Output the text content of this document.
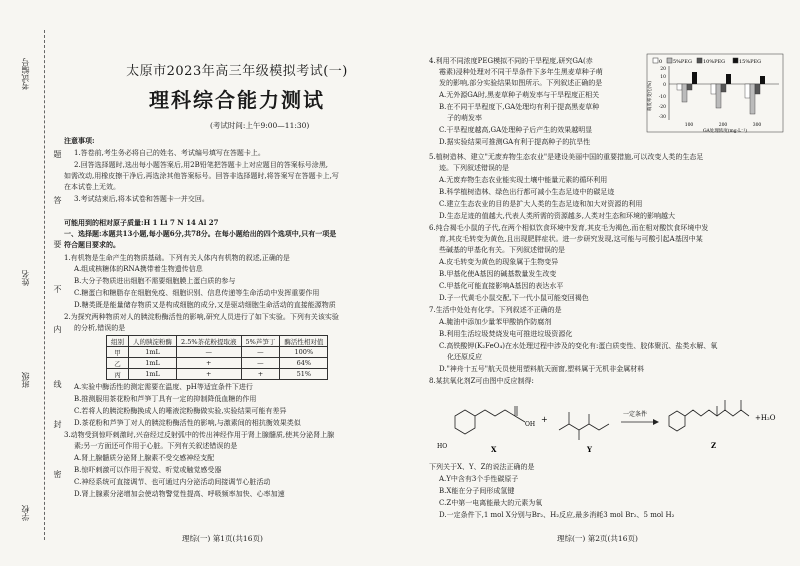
考试编号
姓名
班级
学校
题
答
要
不
内
线
封
密
太原市2023年高三年级模拟考试(一)
理科综合能力测试
(考试时间:上午9:00—11:30)
注意事项:
1.答卷前,考生务必将自己的姓名、考试编号填写在答题卡上。
2.回答选择题时,选出每小题答案后,用2B铅笔把答题卡上对应题目的答案标号涂黑,
如需改动,用橡皮擦干净后,再选涂其他答案标号。回答非选择题时,将答案写在答题卡上,写
在本试卷上无效。
3.考试结束后,将本试卷和答题卡一并交回。
可能用到的相对原子质量:H 1 Li 7 N 14 Al 27
一、选择题:本题共13小题,每小题6分,共78分。在每小题给出的四个选项中,只有一项是
符合题目要求的。
1.有机物是生命产生的物质基础。下列有关人体内有机物的叙述,正确的是
A.组成核糖体的RNA携带着生物遗传信息
B.大分子物质进出细胞不需要细胞膜上蛋白质的参与
C.糖蛋白和糖脂存在细胞免疫、细胞识别、信息传递等生命活动中发挥重要作用
D.糖类既是能量储存物质又是构成细胞的成分,又是驱动细胞生命活动的直接能源物质
2.为探究两种物质对人的胰淀粉酶活性的影响,研究人员进行了如下实验。下列有关该实验
的分析,错误的是
组别	人的胰淀粉酶	2.5%茶花粉提取液	5%芦笋丁	酶活性相对值
甲	1mL	—	—	100%
乙	1mL	+	—	64%
丙	1mL	+	+	51%
A.实验中酶活性的测定需要在温度、pH等适宜条件下进行
B.推测服用茶花粉和芦笋丁具有一定的抑制降低血糖的作用
C.若将人的胰淀粉酶换成人的唾液淀粉酶做实验,实验结果可能有差异
D.茶花粉和芦笋丁对人的胰淀粉酶活性的影响,与激素间的相抗衡效果类似
3.动物受到惊吓刺激时,兴奋经过反射弧中的传出神经作用于肾上腺髓质,使其分泌肾上腺
素;另一方面还可作用于心脏。下列有关叙述错误的是
A.肾上腺髓质分泌肾上腺素不受交感神经支配
B.惊吓刺激可以作用于视觉、听觉或触觉感受器
C.神经系统可直接调节、也可通过内分泌活动间接调节心脏活动
D.肾上腺素分泌增加会使动物警觉性提高、呼吸频率加快、心率加速
理综(一) 第1页(共16页)
4.利用不同浓度PEG模拟不同的干旱程度,研究GA(赤
霉素)浸种处理对不同干旱条件下多年生黑麦草种子萌
发的影响,部分实验结果如图所示。下列叙述正确的是
A.无外源GA时,黑麦草种子萌发率与干旱程度正相关
B.在不同干旱程度下,GA处理均有利于提高黑麦草种
子的萌发率
C.干旱程度越高,GA处理种子后产生的效果越明显
D.据实验结果可推测GA有利于提高种子的抗旱性
0 5%PEG 10%PEG	15%PEG
20
10
0
-10
-20
-30
萌发率变化(%)
100	200	300
GA处理浓度(mg·L⁻¹)
5.植树造林、建立"无废弃物生态农业"是建设美丽中国的重要措施,可以改变人类的生态足
迹。下列叙述错误的是
A.无废弃物生态农业能实现土壤中能量元素的循环利用
B.科学植树造林、绿色出行都可减小生态足迹中的碳足迹
C.建立生态农业的目的是扩大人类的生态足迹和加大对资源的利用
D.生态足迹的值越大,代表人类所需的资源越多,人类对生态和环境的影响越大
6.纯合褐毛小鼠的子代,在两个相似饮食环境中发育,其皮毛为褐色,而在相对酸饮食环境中发
育,其皮毛转变为黄色,且出现肥胖症状。进一步研究发现,这可能与可酸引起A基因中某
些碱基的甲基化有关。下列叙述错误的是
A.皮毛转变为黄色的现象属于生物变异
B.甲基化使A基因的碱基数量发生改变
C.甲基化可能直接影响A基因的表达水平
D.子一代黄毛小鼠交配,下一代小鼠可能变回褐色
7.生活中处处有化学。下列叙述不正确的是
A.腌油中添加少量苯甲酸钠作防腐剂
B.利用生活垃圾焚烧发电可推进垃圾资源化
C.高铁酸钾(K₂FeO₄)在水处理过程中涉及的变化有:蛋白质变性、胶体聚沉、盐类水解、氧
化还原反应
D."神舟十五号"航天员使用塑料航天面窗,塑料属于无机非金属材料
8.某抗氧化剂Z可由图中反应制得:
HO
OH
X
+
Y
一定条件
Z
+H₂O
下列关于X、Y、Z的说法正确的是
A.Y中含有3个手性碳原子
B.X能在分子间形成氢键
C.Z中第一电离能最大的元素为氧
D.一定条件下,1 mol X分别与Br₂、H₂反应,最多消耗3 mol Br₂、5 mol H₂
理综(一) 第2页(共16页)
